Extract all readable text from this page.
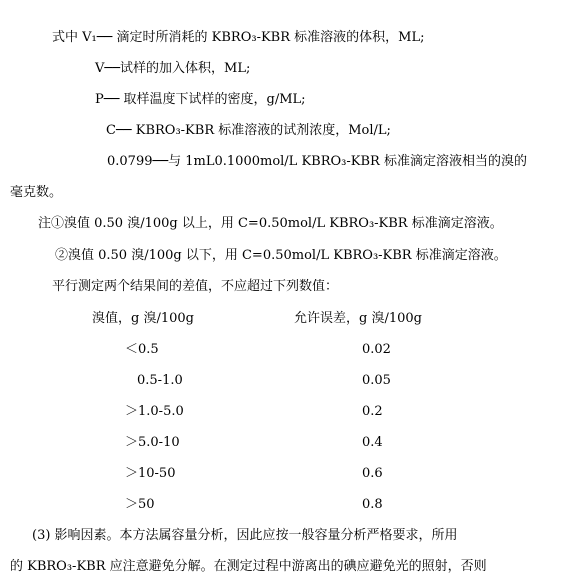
式中 V₁── 滴定时所消耗的 KBRO₃-KBR 标准溶液的体积，ML;
V──试样的加入体积，ML;
P── 取样温度下试样的密度，g/ML;
C── KBRO₃-KBR 标准溶液的试剂浓度，Mol/L;
0.0799──与 1mL0.1000mol/L KBRO₃-KBR 标准滴定溶液相当的溴的
毫克数。
注①溴值 0.50 溴/100g 以上，用 C=0.50mol/L KBRO₃-KBR 标准滴定溶液。
②溴值 0.50 溴/100g 以下，用 C=0.50mol/L KBRO₃-KBR 标准滴定溶液。
平行测定两个结果间的差值，不应超过下列数值：
溴值，g 溴/100g	允许误差，g 溴/100g
＜0.5	0.02
0.5-1.0	0.05
＞1.0-5.0	0.2
＞5.0-10	0.4
＞10-50	0.6
＞50	0.8
(3) 影响因素。本方法属容量分析，因此应按一般容量分析严格要求，所用
的 KBRO₃-KBR 应注意避免分解。在测定过程中游离出的碘应避免光的照射，否则
